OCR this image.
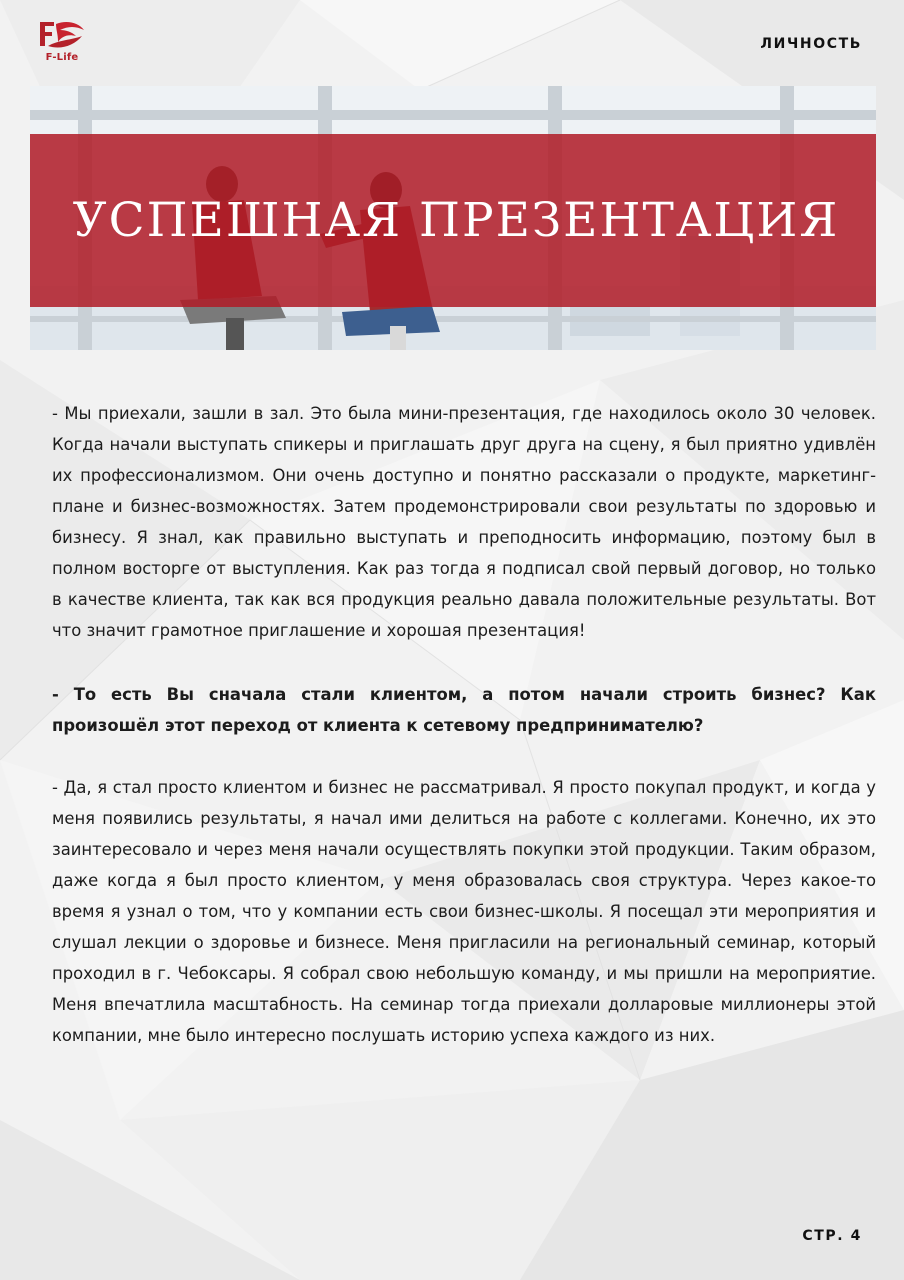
F-Life
ЛИЧНОСТЬ
УСПЕШНАЯ ПРЕЗЕНТАЦИЯ

- Мы приехали, зашли в зал. Это была мини-презентация, где находилось около 30 человек. Когда начали выступать спикеры и приглашать друг друга на сцену, я был приятно удивлён их профессионализмом. Они очень доступно и понятно рассказали о продукте, маркетинг-плане и бизнес-возможностях. Затем продемонстрировали свои результаты по здоровью и бизнесу. Я знал, как правильно выступать и преподносить информацию, поэтому был в полном восторге от выступления. Как раз тогда я подписал свой первый договор, но только в качестве клиента, так как вся продукция реально давала положительные результаты. Вот что значит грамотное приглашение и хорошая презентация!

- То есть Вы сначала стали клиентом, а потом начали строить бизнес? Как произошёл этот переход от клиента к сетевому предпринимателю?

- Да, я стал просто клиентом и бизнес не рассматривал. Я просто покупал продукт, и когда у меня появились результаты, я начал ими делиться на работе с коллегами. Конечно, их это заинтересовало и через меня начали осуществлять покупки этой продукции. Таким образом, даже когда я был просто клиентом, у меня образовалась своя структура. Через какое-то время я узнал о том, что у компании есть свои бизнес-школы. Я посещал эти мероприятия и слушал лекции о здоровье и бизнесе. Меня пригласили на региональный семинар, который проходил в г. Чебоксары. Я собрал свою небольшую команду, и мы пришли на мероприятие. Меня впечатлила масштабность. На семинар тогда приехали долларовые миллионеры этой компании, мне было интересно послушать историю успеха каждого из них.

СТР. 4
